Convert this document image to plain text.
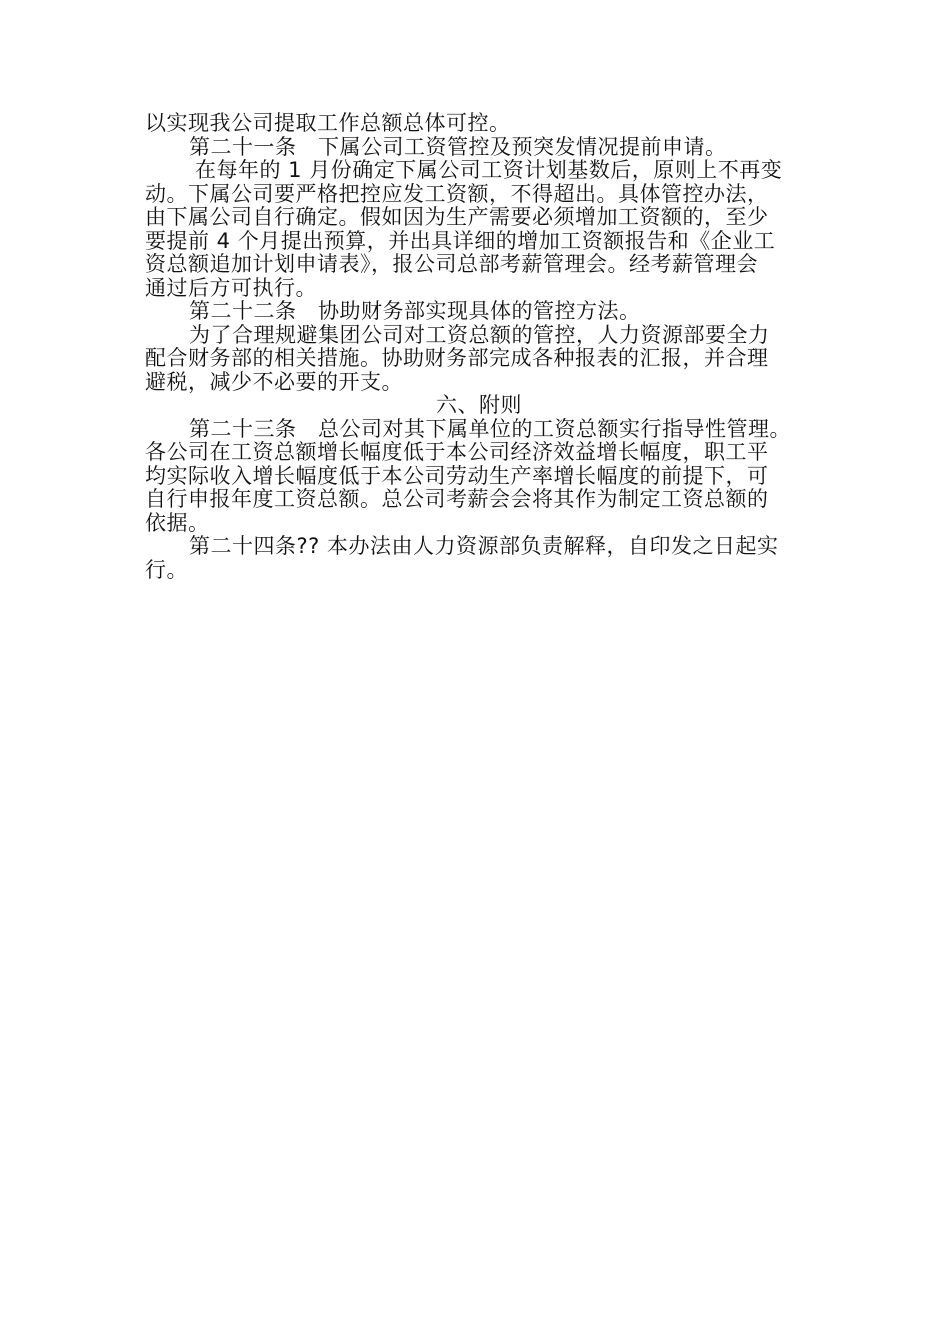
以实现我公司提取工作总额总体可控。
第二十一条　下属公司工资管控及预突发情况提前申请。
在每年的 1 月份确定下属公司工资计划基数后，原则上不再变
动。下属公司要严格把控应发工资额，不得超出。具体管控办法，
由下属公司自行确定。假如因为生产需要必须增加工资额的，至少
要提前 4 个月提出预算，并出具详细的增加工资额报告和《企业工
资总额追加计划申请表》，报公司总部考薪管理会。经考薪管理会
通过后方可执行。
第二十二条　协助财务部实现具体的管控方法。
为了合理规避集团公司对工资总额的管控，人力资源部要全力
配合财务部的相关措施。协助财务部完成各种报表的汇报，并合理
避税，减少不必要的开支。
六、附则
第二十三条　总公司对其下属单位的工资总额实行指导性管理。
各公司在工资总额增长幅度低于本公司经济效益增长幅度，职工平
均实际收入增长幅度低于本公司劳动生产率增长幅度的前提下，可
自行申报年度工资总额。总公司考薪会会将其作为制定工资总额的
依据。
第二十四条?? 本办法由人力资源部负责解释，自印发之日起实
行。
